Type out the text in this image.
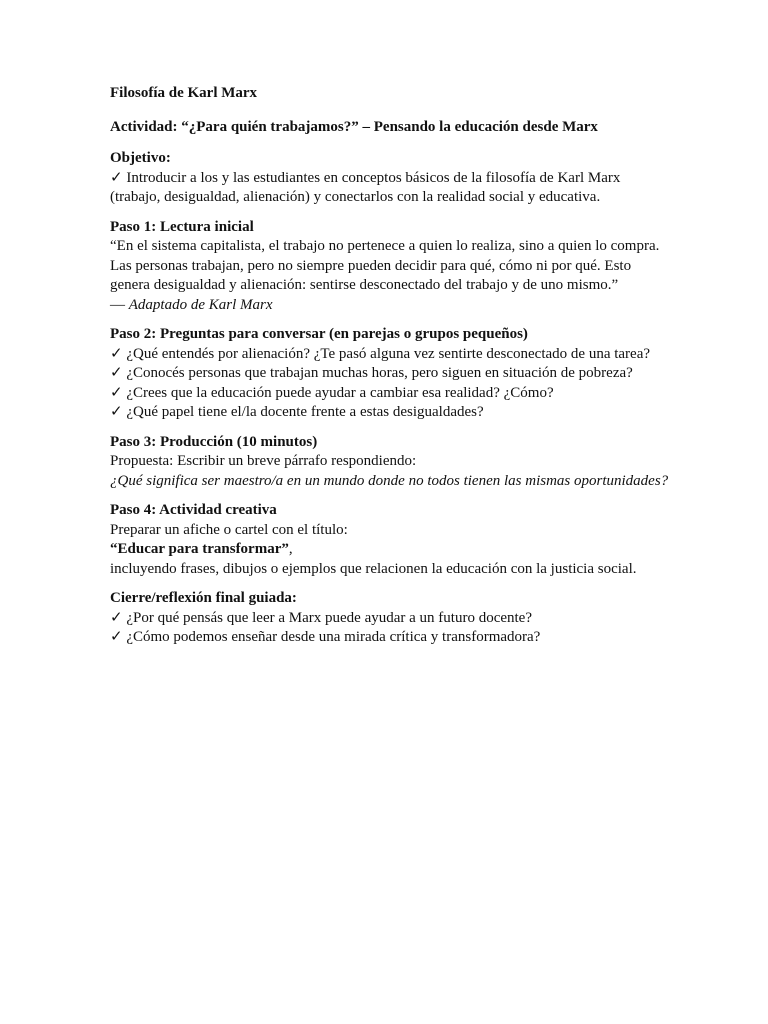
Filosofía de Karl Marx

Actividad: “¿Para quién trabajamos?” – Pensando la educación desde Marx

Objetivo:

✓ Introducir a los y las estudiantes en conceptos básicos de la filosofía de Karl Marx (trabajo, desigualdad, alienación) y conectarlos con la realidad social y educativa.

Paso 1: Lectura inicial

“En el sistema capitalista, el trabajo no pertenece a quien lo realiza, sino a quien lo compra. Las personas trabajan, pero no siempre pueden decidir para qué, cómo ni por qué. Esto genera desigualdad y alienación: sentirse desconectado del trabajo y de uno mismo.”

— Adaptado de Karl Marx

Paso 2: Preguntas para conversar (en parejas o grupos pequeños)

✓ ¿Qué entendés por alienación? ¿Te pasó alguna vez sentirte desconectado de una tarea?

✓ ¿Conocés personas que trabajan muchas horas, pero siguen en situación de pobreza?

✓ ¿Crees que la educación puede ayudar a cambiar esa realidad? ¿Cómo?

✓ ¿Qué papel tiene el/la docente frente a estas desigualdades?

Paso 3: Producción (10 minutos)

Propuesta: Escribir un breve párrafo respondiendo:

¿Qué significa ser maestro/a en un mundo donde no todos tienen las mismas oportunidades?

Paso 4: Actividad creativa

Preparar un afiche o cartel con el título:

“Educar para transformar”,

incluyendo frases, dibujos o ejemplos que relacionen la educación con la justicia social.

Cierre/reflexión final guiada:

✓ ¿Por qué pensás que leer a Marx puede ayudar a un futuro docente?

✓ ¿Cómo podemos enseñar desde una mirada crítica y transformadora?
